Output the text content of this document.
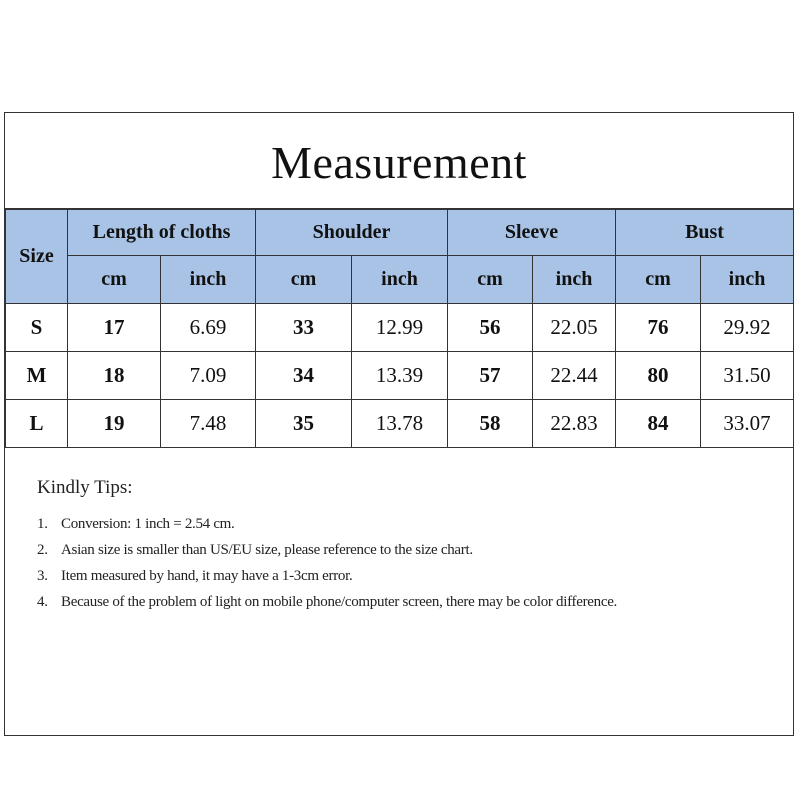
Measurement
Size	Length of cloths		Shoulder		Sleeve		Bust	
	cm	inch	cm	inch	cm	inch	cm	inch
S	17	6.69	33	12.99	56	22.05	76	29.92
M	18	7.09	34	13.39	57	22.44	80	31.50
L	19	7.48	35	13.78	58	22.83	84	33.07
Kindly Tips:
1. Conversion: 1 inch = 2.54 cm.
2. Asian size is smaller than US/EU size, please reference to the size chart.
3. Item measured by hand, it may have a 1-3cm error.
4. Because of the problem of light on mobile phone/computer screen, there may be color difference.
